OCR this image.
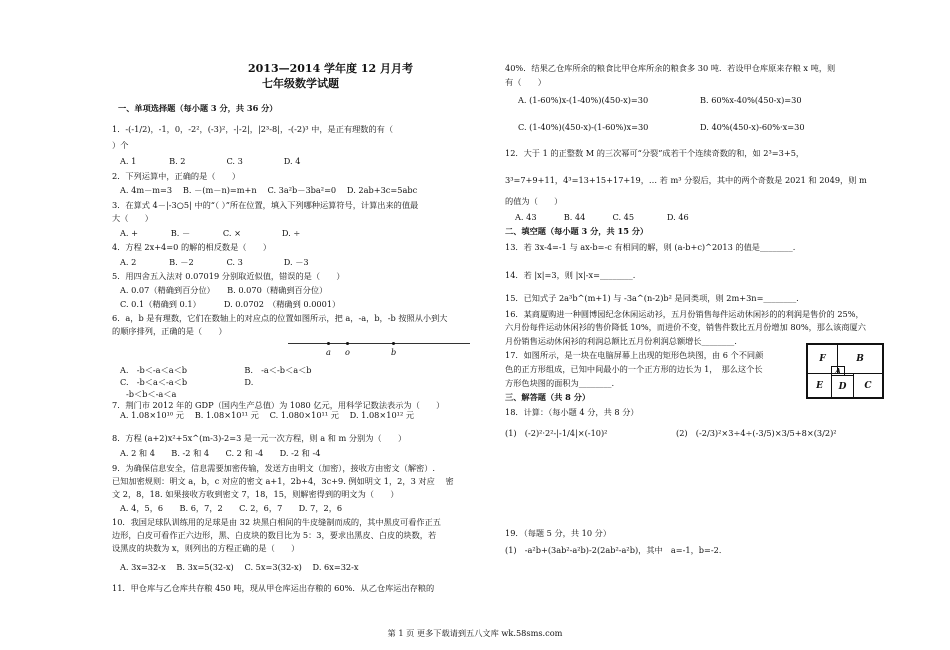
2013—2014 学年度 12 月月考
七年级数学试题
一、单项选择题（每小题 3 分，共 36 分）
1．-(-1/2)，-1，0，-2²，(-3)²，-|-2|，|2³-8|，-(-2)³ 中，是正有理数的有（
）个
A. 1　　　　B. 2　　　　　C. 3　　　　　D. 4
2．下列运算中，正确的是（　　）
A. 4m－m=3　 B. －(m－n)=m+n　 C. 3a²b－3ba²=0　 D. 2ab+3c=5abc
3．在算式 4－|-3○5| 中的“（ ）”所在位置，填入下列哪种运算符号，计算出来的值最
大（　　）
A. +　　　　B. －　　　　C. ×　　　　　D. ÷
4．方程 2x+4=0 的解的相反数是（　　）
A. 2　　　　B. －2　　　　C. 3　　　　　D. －3
5．用四舍五入法对 0.07019 分别取近似值，错误的是（　　）
A. 0.07（精确到百分位）　　B. 0.070（精确到百分位）
C. 0.1（精确到 0.1）　　　 D. 0.0702　（精确到 0.0001）
6．a，b 是有理数，它们在数轴上的对应点的位置如图所示，把 a，-a，b，-b 按照从小到大
的顺序排列，正确的是（　　）
a o	b
A.　-b＜-a＜a＜b　　　　　　　B.　-a＜-b＜a＜b
C.　-b＜a＜-a＜b　　　　　　　D.
-b＜b＜-a＜a
7．荆门市 2012 年的 GDP（国内生产总值）为 1080 亿元，用科学记数法表示为（　　）
A. 1.08×10¹⁰ 元　 B. 1.08×10¹¹ 元　 C. 1.080×10¹¹ 元　 D. 1.08×10¹² 元
8．方程 (a+2)x²+5x^(m-3)-2=3 是一元一次方程，则 a 和 m 分别为（　　）
A. 2 和 4　　B. -2 和 4　　C. 2 和 -4　　D. -2 和 -4
9．为确保信息安全，信息需要加密传输，发送方由明文（加密），接收方由密文（解密）.
已知加密规则：明文 a，b，c 对应的密文 a+1，2b+4，3c+9. 例如明文 1，2，3 对应　 密
文 2，8，18. 如果接收方收到密文 7，18，15，则解密得到的明文为（　　）
A. 4，5，6　　B. 6，7，2　　C. 2，6，7　　D. 7，2，6
10．我国足球队训练用的足球是由 32 块黑白相间的牛皮缝制而成的，其中黑皮可看作正五
边形，白皮可看作正六边形，黑、白皮块的数目比为 5：3，要求出黑皮、白皮的块数，若
设黑皮的块数为 x，则列出的方程正确的是（　　）
A. 3x=32-x　 B. 3x=5(32-x)　 C. 5x=3(32-x)　 D. 6x=32-x
11．甲仓库与乙仓库共存粮 450 吨，现从甲仓库运出存粮的 60%．从乙仓库运出存粮的
40%．结果乙仓库所余的粮食比甲仓库所余的粮食多 30 吨．若设甲仓库原来存粮 x 吨，则
有（　　）
A. (1-60%)x-(1-40%)(450-x)=30	B. 60%x-40%(450-x)=30
C. (1-40%)(450-x)-(1-60%)x=30	D. 40%(450-x)-60%·x=30
12．大于 1 的正整数 M 的三次幂可“分裂”成若干个连续奇数的和，如 2³=3+5，
3³=7+9+11，4³=13+15+17+19，… 若 m³ 分裂后，其中的两个奇数是 2021 和 2049，则 m
的值为（　　）
A. 43　　　 B. 44　　　 C. 45　　　　D. 46
二、填空题（每小题 3 分，共 15 分）
13．若 3x-4=-1 与 ax-b=-c 有相同的解，则 (a-b+c)^2013 的值是________.
14．若 |x|=3，则 |x|-x=________.
15．已知式子 2a³b^(m+1) 与 -3a^(n-2)b² 是同类项，则 2m+3n=________.
16．某商厦购进一种圆博园纪念休闲运动衫，五月份销售每件运动休闲衫的的利润是售价的 25%，
六月份每件运动休闲衫的售价降低 10%，而进价不变，销售件数比五月份增加 80%，那么该商厦六
月份销售运动休闲衫的利润总额比五月份利润总额增长________.
17．如图所示，是一块在电脑屏幕上出现的矩形色块图，由 6 个不同颜
色的正方形组成，已知中间最小的一个正方形的边长为 1，　那么这个长
方形色块图的面积为________.
F	B
E
A
D	C
三、解答题（共 8 分）
18．计算：（每小题 4 分，共 8 分）
(1)　(-2)²·2²-|-1/4|×(-10)²	(2)　(-2/3)²×3÷4÷(-3/5)×3/5+8×(3/2)²
19．（每题 5 分，共 10 分）
(1)　-a²b+(3ab²-a²b)-2(2ab²-a²b)，其中　a=-1，b=-2．
第 1 页 更多下载请到五八文库 wk.58sms.com
